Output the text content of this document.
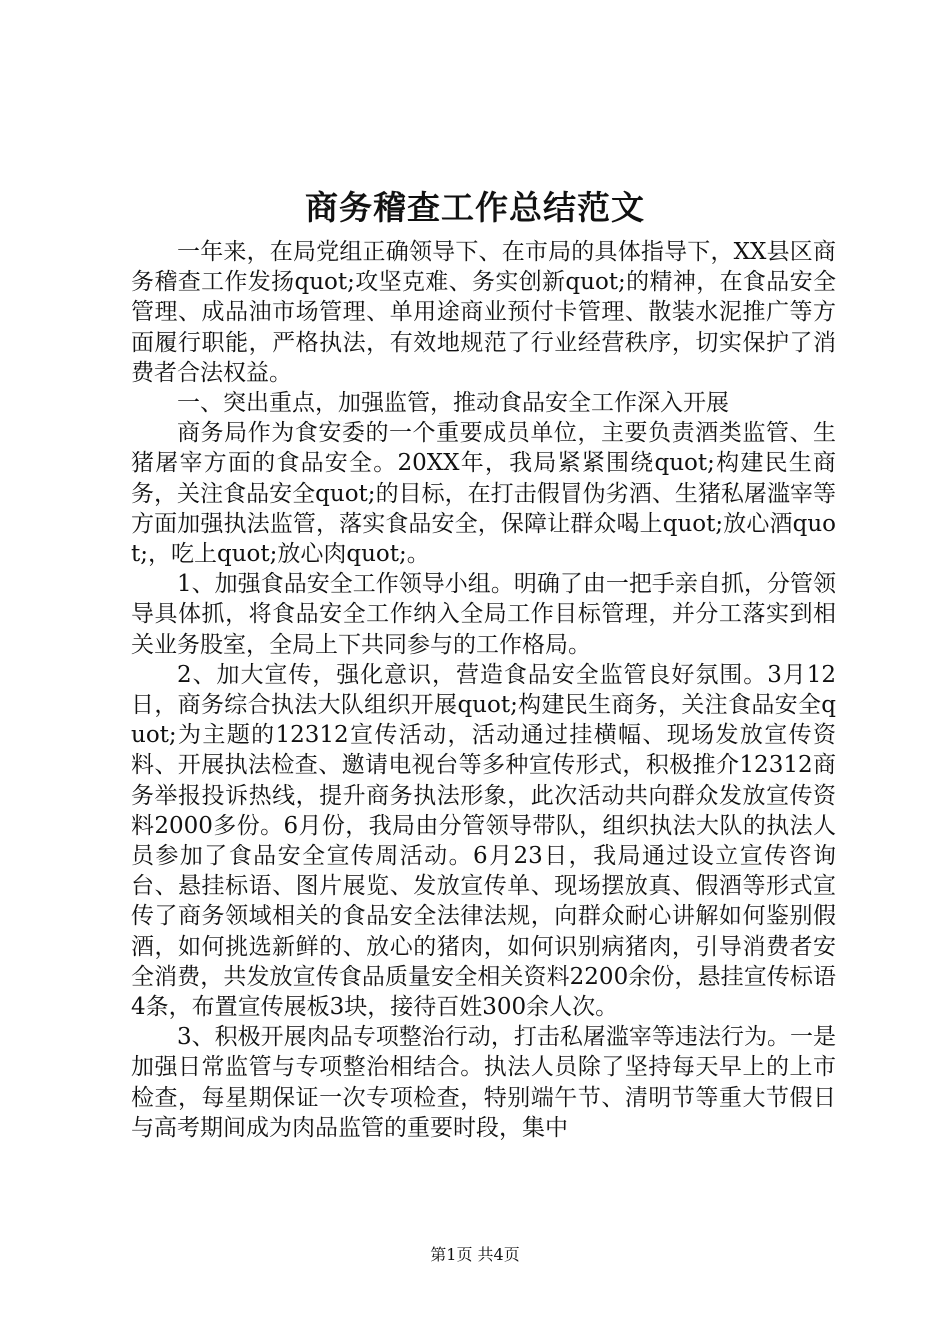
商务稽查工作总结范文

一年来，在局党组正确领导下、在市局的具体指导下，XX县区商务稽查工作发扬quot;攻坚克难、务实创新quot;的精神，在食品安全管理、成品油市场管理、单用途商业预付卡管理、散装水泥推广等方面履行职能，严格执法，有效地规范了行业经营秩序，切实保护了消费者合法权益。

一、突出重点，加强监管，推动食品安全工作深入开展

商务局作为食安委的一个重要成员单位，主要负责酒类监管、生猪屠宰方面的食品安全。20XX年，我局紧紧围绕quot;构建民生商务，关注食品安全quot;的目标，在打击假冒伪劣酒、生猪私屠滥宰等方面加强执法监管，落实食品安全，保障让群众喝上quot;放心酒quot;，吃上quot;放心肉quot;。

1、加强食品安全工作领导小组。明确了由一把手亲自抓，分管领导具体抓，将食品安全工作纳入全局工作目标管理，并分工落实到相关业务股室，全局上下共同参与的工作格局。

2、加大宣传，强化意识，营造食品安全监管良好氛围。3月12日，商务综合执法大队组织开展quot;构建民生商务，关注食品安全quot;为主题的12312宣传活动，活动通过挂横幅、现场发放宣传资料、开展执法检查、邀请电视台等多种宣传形式，积极推介12312商务举报投诉热线，提升商务执法形象，此次活动共向群众发放宣传资料2000多份。6月份，我局由分管领导带队，组织执法大队的执法人员参加了食品安全宣传周活动。6月23日，我局通过设立宣传咨询台、悬挂标语、图片展览、发放宣传单、现场摆放真、假酒等形式宣传了商务领域相关的食品安全法律法规，向群众耐心讲解如何鉴别假酒，如何挑选新鲜的、放心的猪肉，如何识别病猪肉，引导消费者安全消费，共发放宣传食品质量安全相关资料2200余份，悬挂宣传标语4条，布置宣传展板3块，接待百姓300余人次。

3、积极开展肉品专项整治行动，打击私屠滥宰等违法行为。一是加强日常监管与专项整治相结合。执法人员除了坚持每天早上的上市检查，每星期保证一次专项检查，特别端午节、清明节等重大节假日与高考期间成为肉品监管的重要时段，集中

第1页 共4页
